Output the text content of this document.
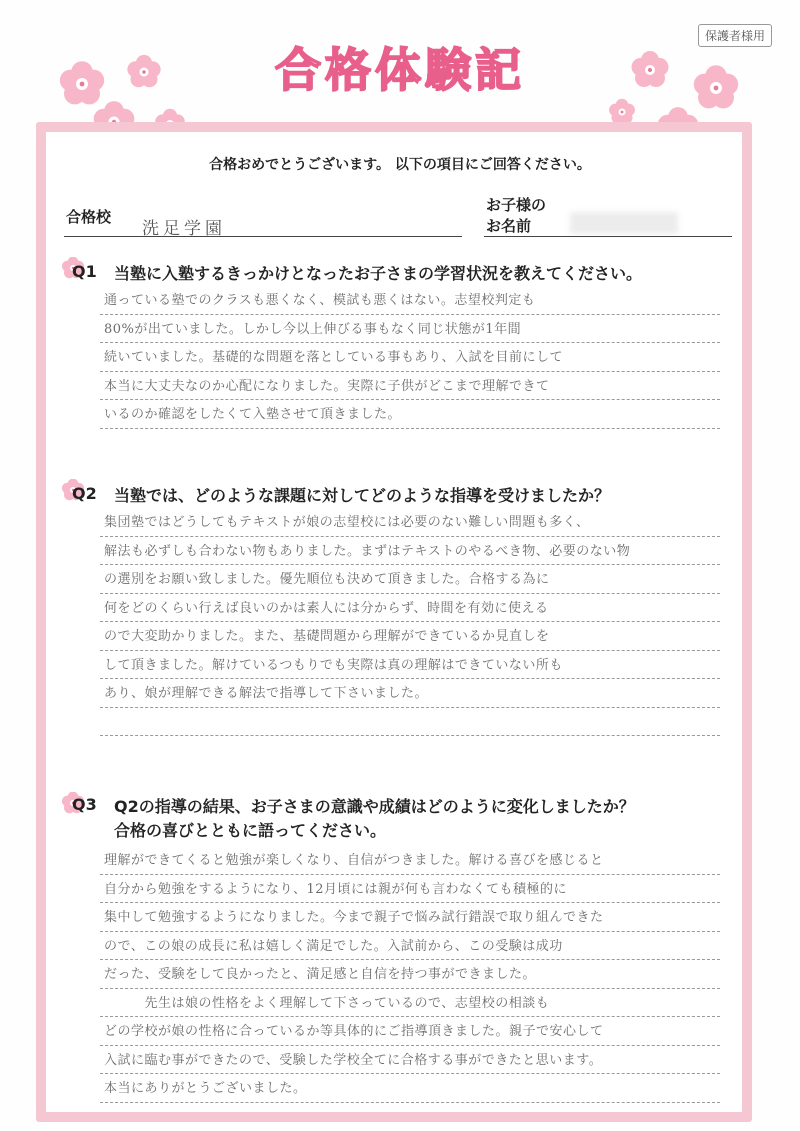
保護者様用
合格体験記
合格おめでとうございます。 以下の項目にご回答ください。
合格校
洗足学園
お子様の
お名前
Q1	当塾に入塾するきっかけとなったお子さまの学習状況を教えてください。
通っている塾でのクラスも悪くなく、模試も悪くはない。志望校判定も
80%が出ていました。しかし今以上伸びる事もなく同じ状態が1年間
続いていました。基礎的な問題を落としている事もあり、入試を目前にして
本当に大丈夫なのか心配になりました。実際に子供がどこまで理解できて
いるのか確認をしたくて入塾させて頂きました。
Q2	当塾では、どのような課題に対してどのような指導を受けましたか？
集団塾ではどうしてもテキストが娘の志望校には必要のない難しい問題も多く、
解法も必ずしも合わない物もありました。まずはテキストのやるべき物、必要のない物
の選別をお願い致しました。優先順位も決めて頂きました。合格する為に
何をどのくらい行えば良いのかは素人には分からず、時間を有効に使える
ので大変助かりました。また、基礎問題から理解ができているか見直しを
して頂きました。解けているつもりでも実際は真の理解はできていない所も
あり、娘が理解できる解法で指導して下さいました。
Q3	Q2の指導の結果、お子さまの意識や成績はどのように変化しましたか？
合格の喜びとともに語ってください。
理解ができてくると勉強が楽しくなり、自信がつきました。解ける喜びを感じると
自分から勉強をするようになり、12月頃には親が何も言わなくても積極的に
集中して勉強するようになりました。今まで親子で悩み試行錯誤で取り組んできた
ので、この娘の成長に私は嬉しく満足でした。入試前から、この受験は成功
だった、受験をして良かったと、満足感と自信を持つ事ができました。
　　　先生は娘の性格をよく理解して下さっているので、志望校の相談も
どの学校が娘の性格に合っているか等具体的にご指導頂きました。親子で安心して
入試に臨む事ができたので、受験した学校全てに合格する事ができたと思います。
本当にありがとうございました。
